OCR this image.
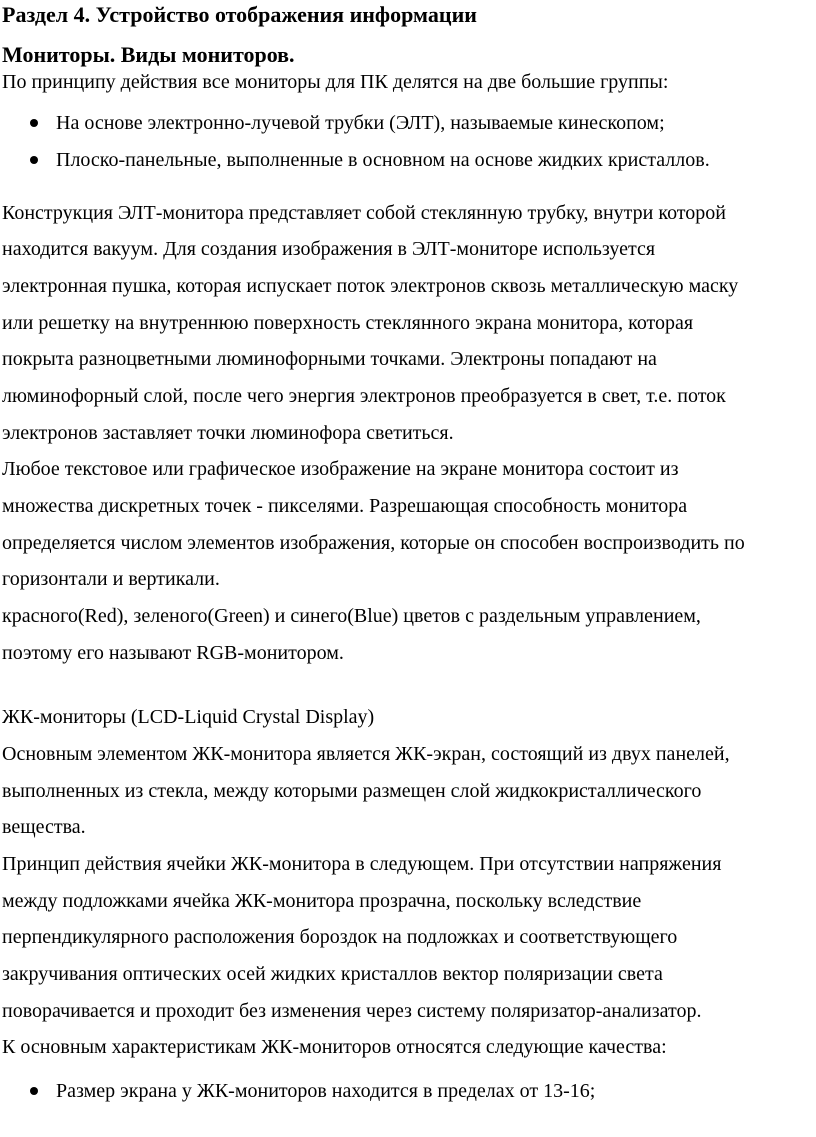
Раздел 4. Устройство отображения информации
Мониторы. Виды мониторов.
По принципу действия все мониторы для ПК делятся на две большие группы:
На основе электронно-лучевой трубки (ЭЛТ), называемые кинескопом;
Плоско-панельные, выполненные в основном на основе жидких кристаллов.
Конструкция ЭЛТ-монитора представляет собой стеклянную трубку, внутри которой
находится вакуум. Для создания изображения в ЭЛТ-мониторе используется
электронная пушка, которая испускает поток электронов сквозь металлическую маску
или решетку на внутреннюю поверхность стеклянного экрана монитора, которая
покрыта разноцветными люминофорными точками. Электроны попадают на
люминофорный слой, после чего энергия электронов преобразуется в свет, т.е. поток
электронов заставляет точки люминофора светиться.
Любое текстовое или графическое изображение на экране монитора состоит из
множества дискретных точек - пикселями. Разрешающая способность монитора
определяется числом элементов изображения, которые он способен воспроизводить по
горизонтали и вертикали.
красного(Red), зеленого(Green) и синего(Blue) цветов с раздельным управлением,
поэтому его называют RGB-монитором.
ЖК-мониторы (LCD-Liquid Crystal Display)
Основным элементом ЖК-монитора является ЖК-экран, состоящий из двух панелей,
выполненных из стекла, между которыми размещен слой жидкокристаллического
вещества.
Принцип действия ячейки ЖК-монитора в следующем. При отсутствии напряжения
между подложками ячейка ЖК-монитора прозрачна, поскольку вследствие
перпендикулярного расположения бороздок на подложках и соответствующего
закручивания оптических осей жидких кристаллов вектор поляризации света
поворачивается и проходит без изменения через систему поляризатор-анализатор.
К основным характеристикам ЖК-мониторов относятся следующие качества:
Размер экрана у ЖК-мониторов находится в пределах от 13-16;
